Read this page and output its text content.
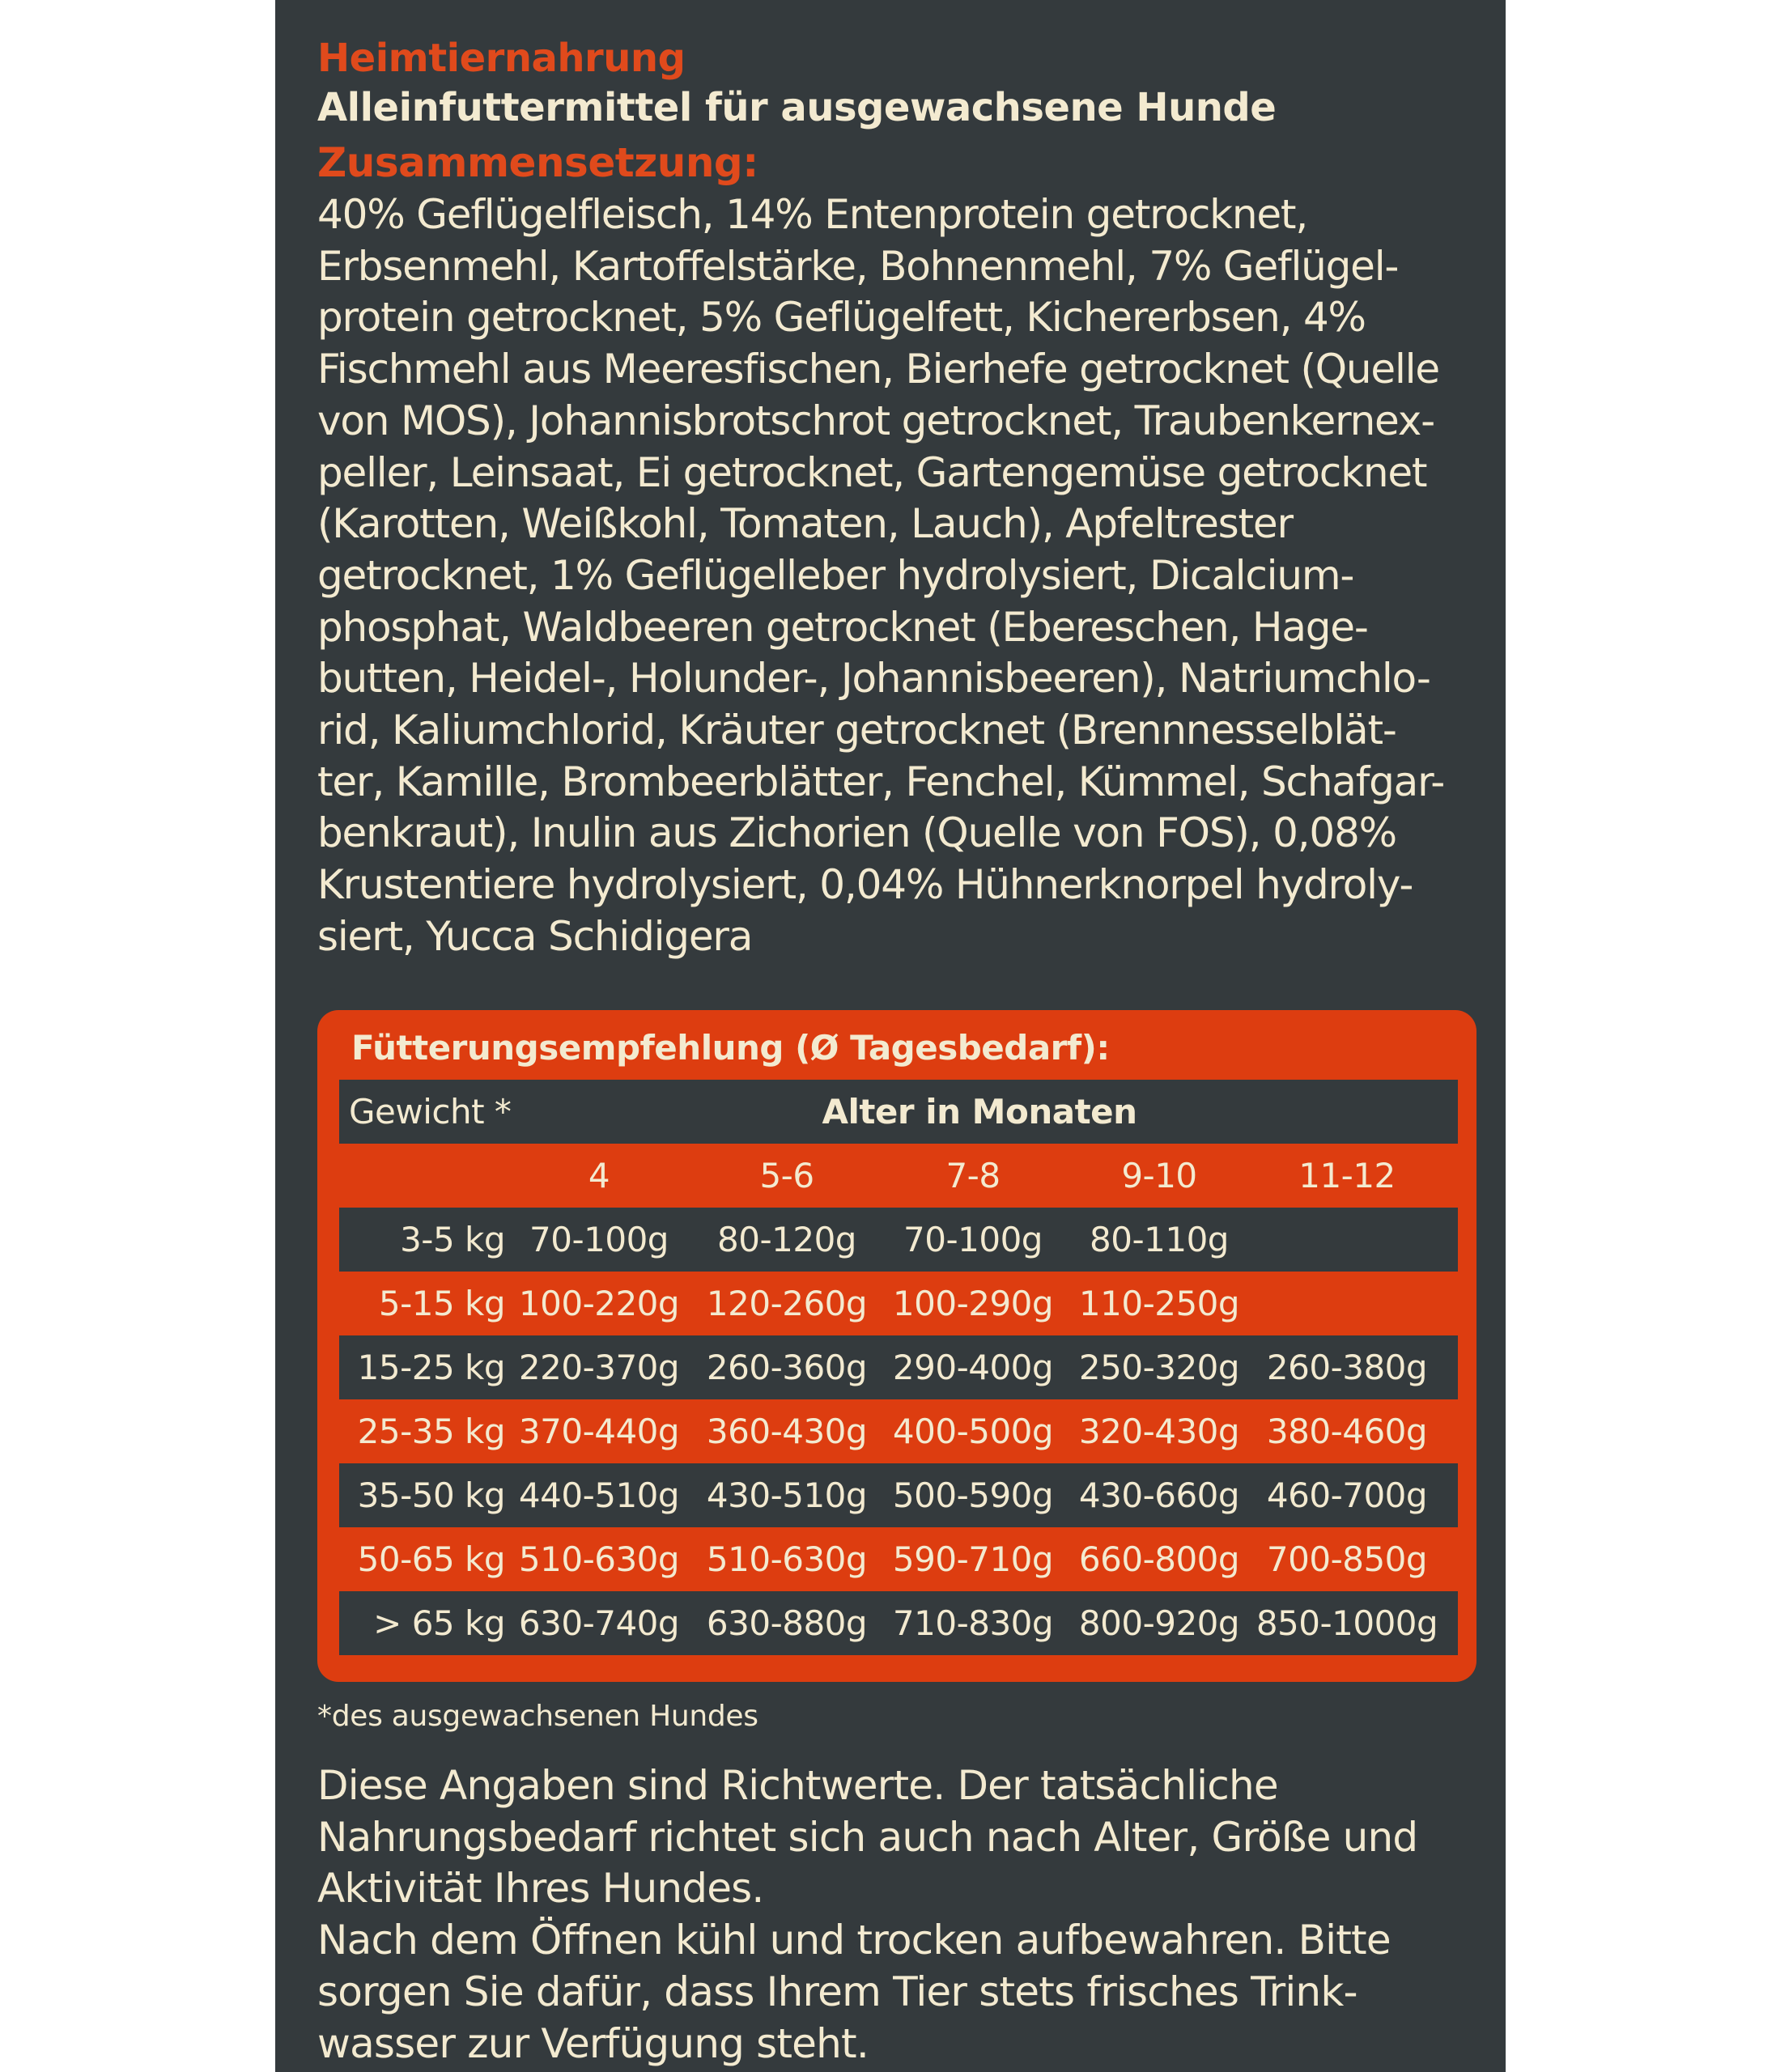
Heimtiernahrung
Alleinfuttermittel für ausgewachsene Hunde
Zusammensetzung:
40% Geflügelfleisch, 14% Entenprotein getrocknet,
Erbsenmehl, Kartoffelstärke, Bohnenmehl, 7% Geflügel-
protein getrocknet, 5% Geflügelfett, Kichererbsen, 4%
Fischmehl aus Meeresfischen, Bierhefe getrocknet (Quelle
von MOS), Johannisbrotschrot getrocknet, Traubenkernex-
peller, Leinsaat, Ei getrocknet, Gartengemüse getrocknet
(Karotten, Weißkohl, Tomaten, Lauch), Apfeltrester
getrocknet, 1% Geflügelleber hydrolysiert, Dicalcium-
phosphat, Waldbeeren getrocknet (Ebereschen, Hage-
butten, Heidel-, Holunder-, Johannisbeeren), Natriumchlo-
rid, Kaliumchlorid, Kräuter getrocknet (Brennnesselblät-
ter, Kamille, Brombeerblätter, Fenchel, Kümmel, Schafgar-
benkraut), Inulin aus Zichorien (Quelle von FOS), 0,08%
Krustentiere hydrolysiert, 0,04% Hühnerknorpel hydroly-
siert, Yucca Schidigera
Fütterungsempfehlung (Ø Tagesbedarf):
Gewicht *	Alter in Monaten
4	5-6	7-8	9-10	11-12
3-5 kg 70-100g	80-120g	70-100g	80-110g
5-15 kg 100-220g 120-260g 100-290g 110-250g
15-25 kg 220-370g 260-360g 290-400g 250-320g 260-380g
25-35 kg 370-440g 360-430g 400-500g 320-430g 380-460g
35-50 kg 440-510g 430-510g 500-590g 430-660g 460-700g
50-65 kg 510-630g 510-630g 590-710g 660-800g 700-850g
> 65 kg 630-740g 630-880g 710-830g 800-920g 850-1000g
*des ausgewachsenen Hundes
Diese Angaben sind Richtwerte. Der tatsächliche
Nahrungsbedarf richtet sich auch nach Alter, Größe und
Aktivität Ihres Hundes.
Nach dem Öffnen kühl und trocken aufbewahren. Bitte
sorgen Sie dafür, dass Ihrem Tier stets frisches Trink-
wasser zur Verfügung steht.
